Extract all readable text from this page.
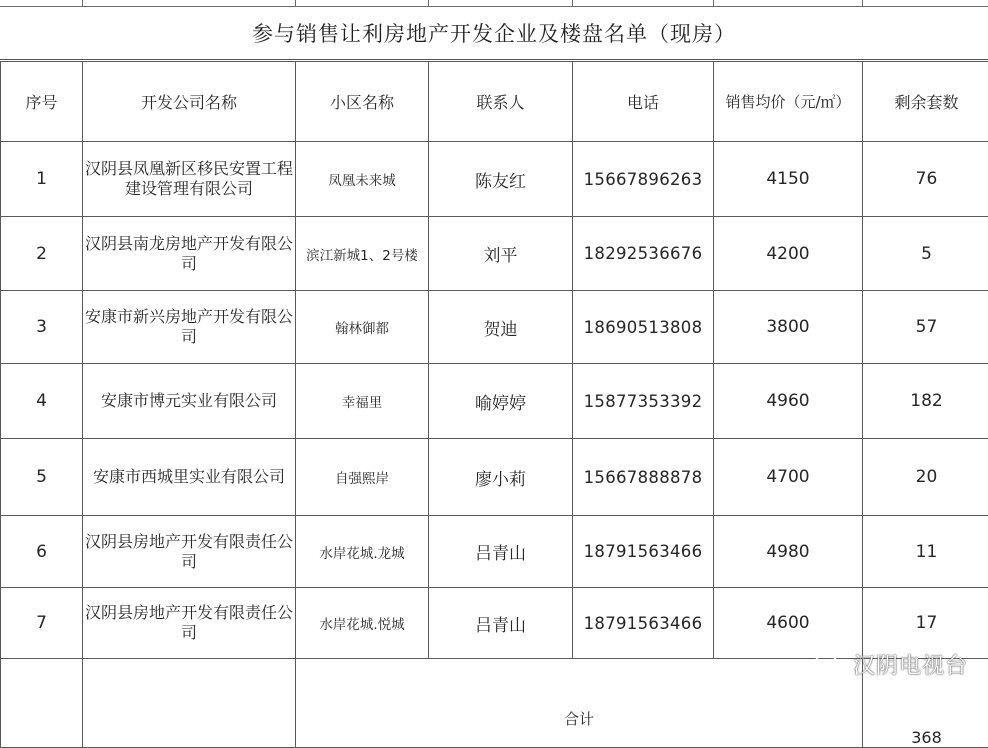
参与销售让利房地产开发企业及楼盘名单（现房）
序号	开发公司名称	小区名称	联系人	电话	销售均价（元/㎡）	剩余套数
1	汉阴县凤凰新区移民安置工程建设管理有限公司	凤凰未来城	陈友红	15667896263	4150	76
2	汉阴县南龙房地产开发有限公司	滨江新城1、2号楼	刘平	18292536676	4200	5
3	安康市新兴房地产开发有限公司	翰林御都	贺迪	18690513808	3800	57
4	安康市博元实业有限公司	幸福里	喻婷婷	15877353392	4960	182
5	安康市西城里实业有限公司	自强熙岸	廖小莉	15667888878	4700	20
6	汉阴县房地产开发有限责任公司	水岸花城.龙城	吕青山	18791563466	4980	11
7	汉阴县房地产开发有限责任公司	水岸花城.悦城	吕青山	18791563466	4600	17
		合计				368
汉阴电视台
